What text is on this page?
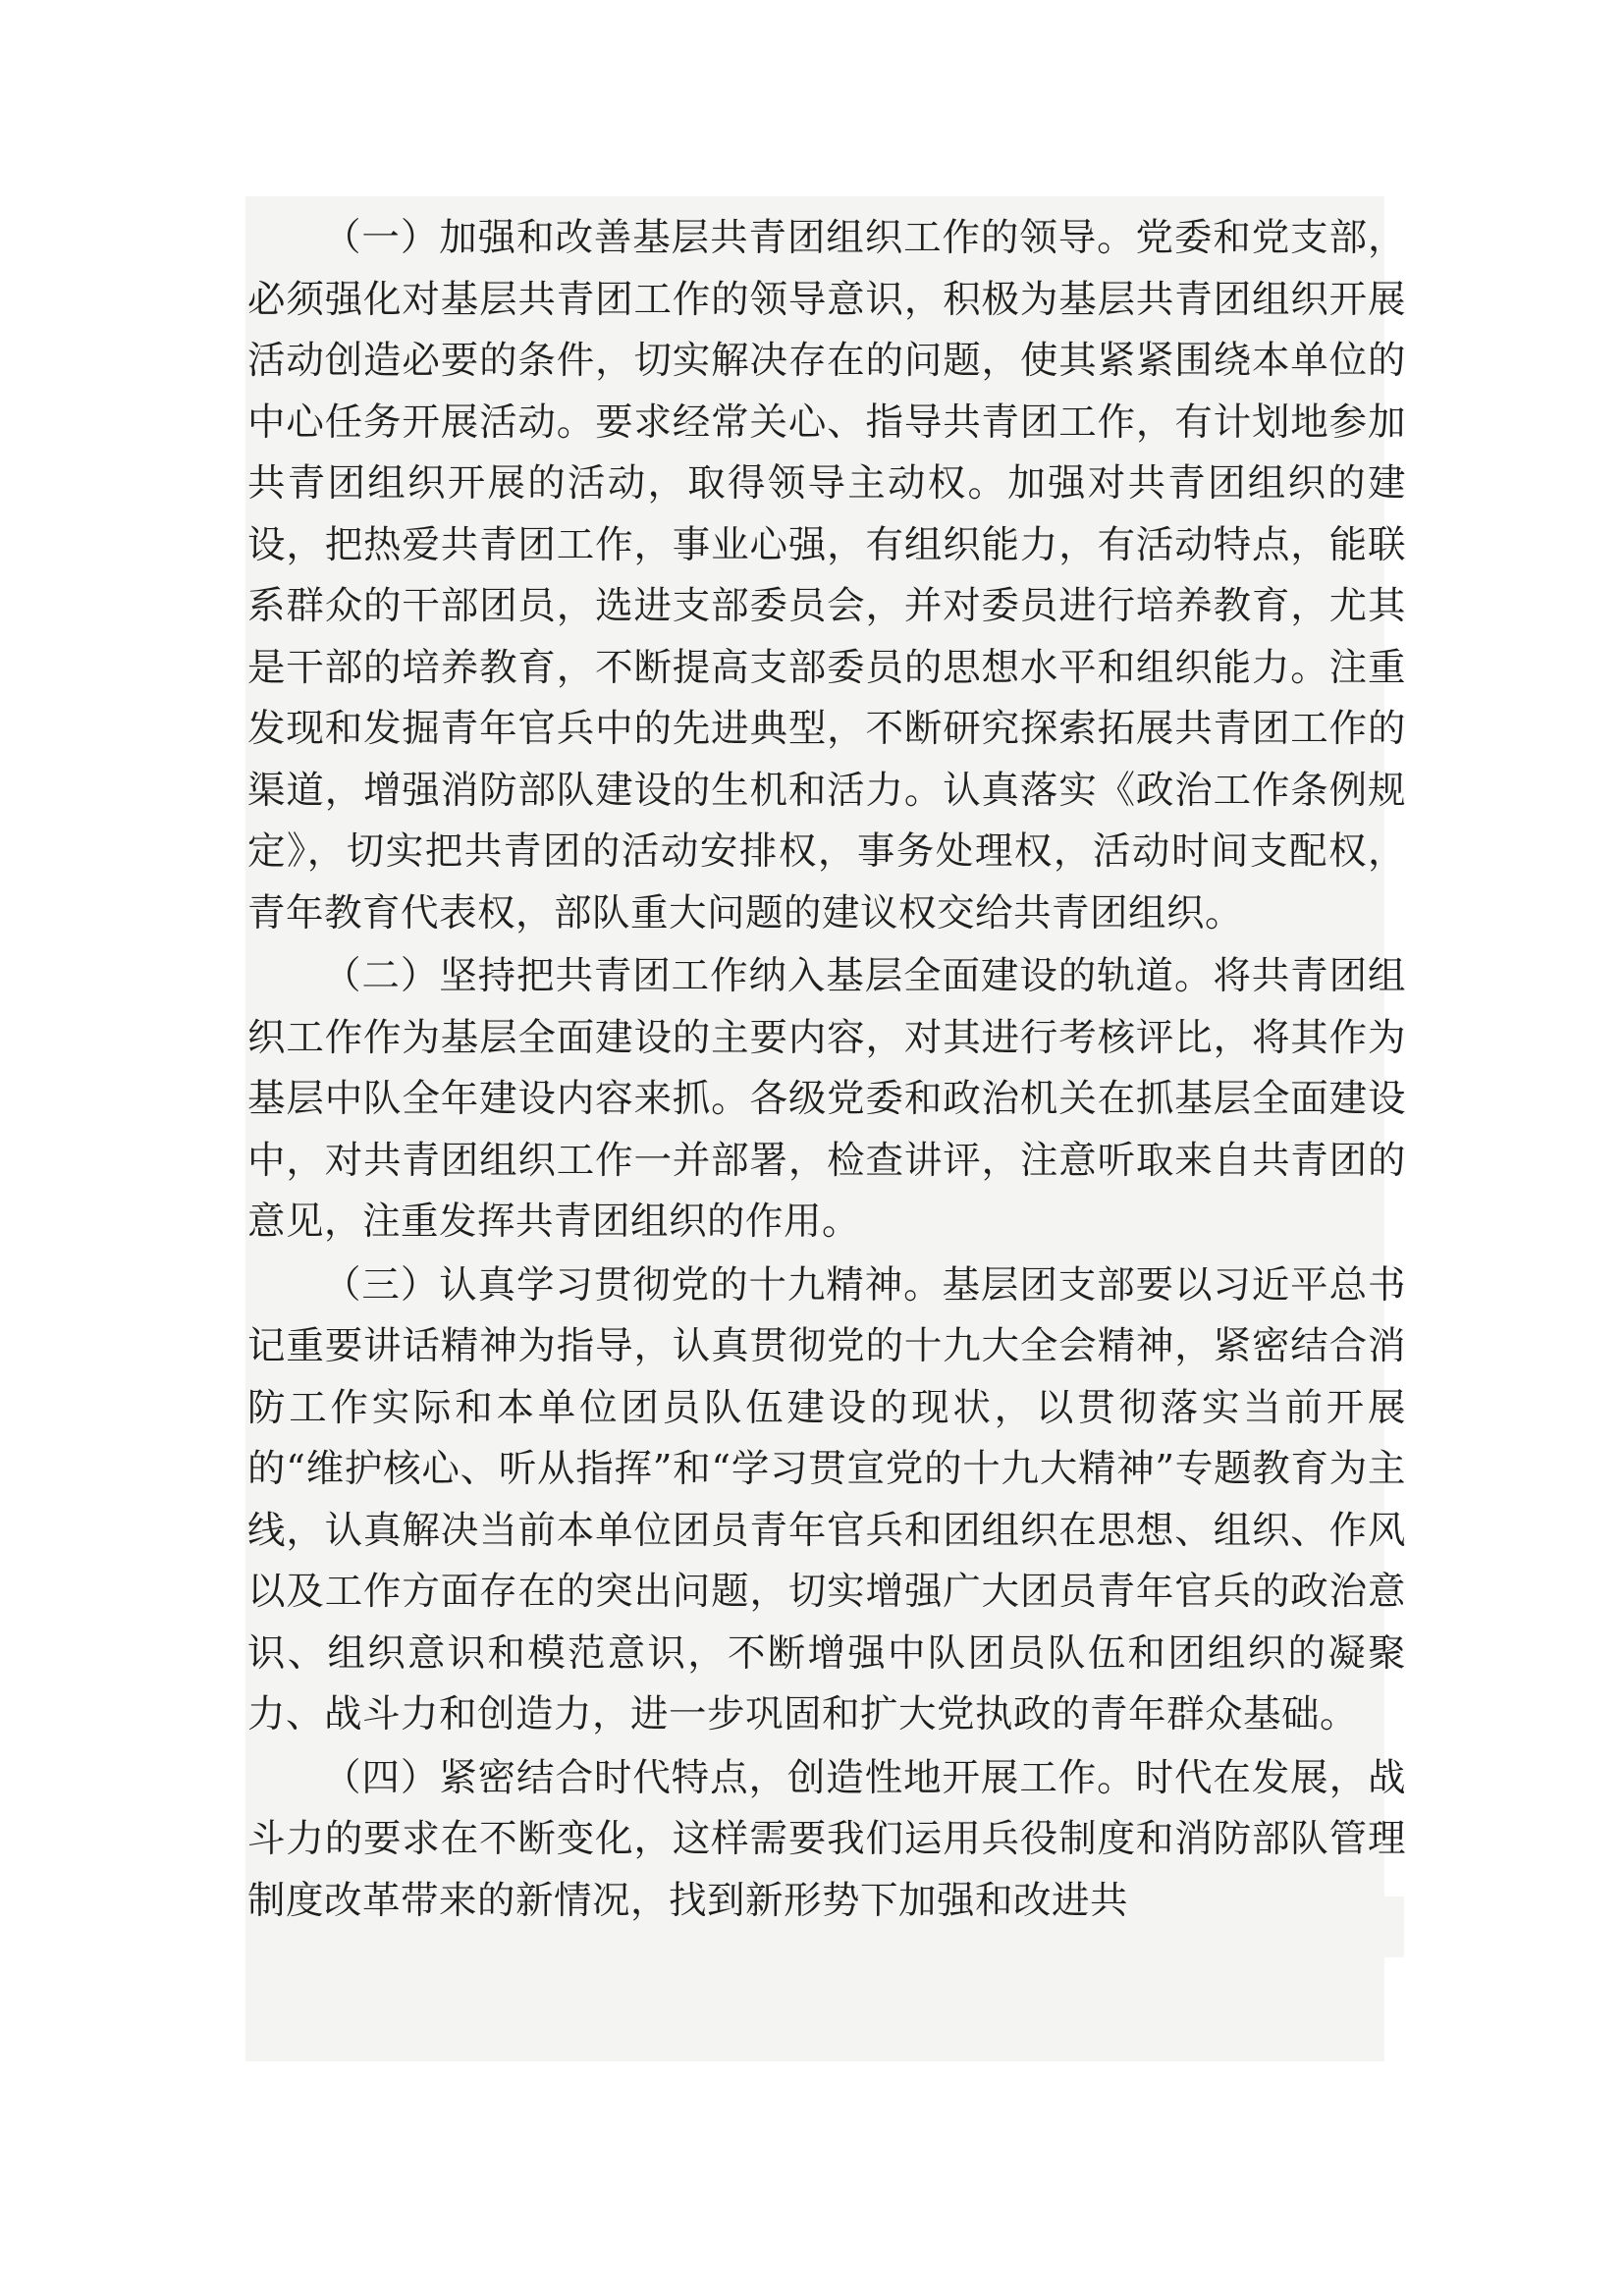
（一）加强和改善基层共青团组织工作的领导。党委和党支部，必须强化对基层共青团工作的领导意识，积极为基层共青团组织开展活动创造必要的条件，切实解决存在的问题，使其紧紧围绕本单位的中心任务开展活动。要求经常关心、指导共青团工作，有计划地参加共青团组织开展的活动，取得领导主动权。加强对共青团组织的建设，把热爱共青团工作，事业心强，有组织能力，有活动特点，能联系群众的干部团员，选进支部委员会，并对委员进行培养教育，尤其是干部的培养教育，不断提高支部委员的思想水平和组织能力。注重发现和发掘青年官兵中的先进典型，不断研究探索拓展共青团工作的渠道，增强消防部队建设的生机和活力。认真落实《政治工作条例规定》，切实把共青团的活动安排权，事务处理权，活动时间支配权，青年教育代表权，部队重大问题的建议权交给共青团组织。

（二）坚持把共青团工作纳入基层全面建设的轨道。将共青团组织工作作为基层全面建设的主要内容，对其进行考核评比，将其作为基层中队全年建设内容来抓。各级党委和政治机关在抓基层全面建设中，对共青团组织工作一并部署，检查讲评，注意听取来自共青团的意见，注重发挥共青团组织的作用。

（三）认真学习贯彻党的十九精神。基层团支部要以习近平总书记重要讲话精神为指导，认真贯彻党的十九大全会精神，紧密结合消防工作实际和本单位团员队伍建设的现状，以贯彻落实当前开展的“维护核心、听从指挥”和“学习贯宣党的十九大精神”专题教育为主线，认真解决当前本单位团员青年官兵和团组织在思想、组织、作风以及工作方面存在的突出问题，切实增强广大团员青年官兵的政治意识、组织意识和模范意识，不断增强中队团员队伍和团组织的凝聚力、战斗力和创造力，进一步巩固和扩大党执政的青年群众基础。

（四）紧密结合时代特点，创造性地开展工作。时代在发展，战斗力的要求在不断变化，这样需要我们运用兵役制度和消防部队管理制度改革带来的新情况，找到新形势下加强和改进共
